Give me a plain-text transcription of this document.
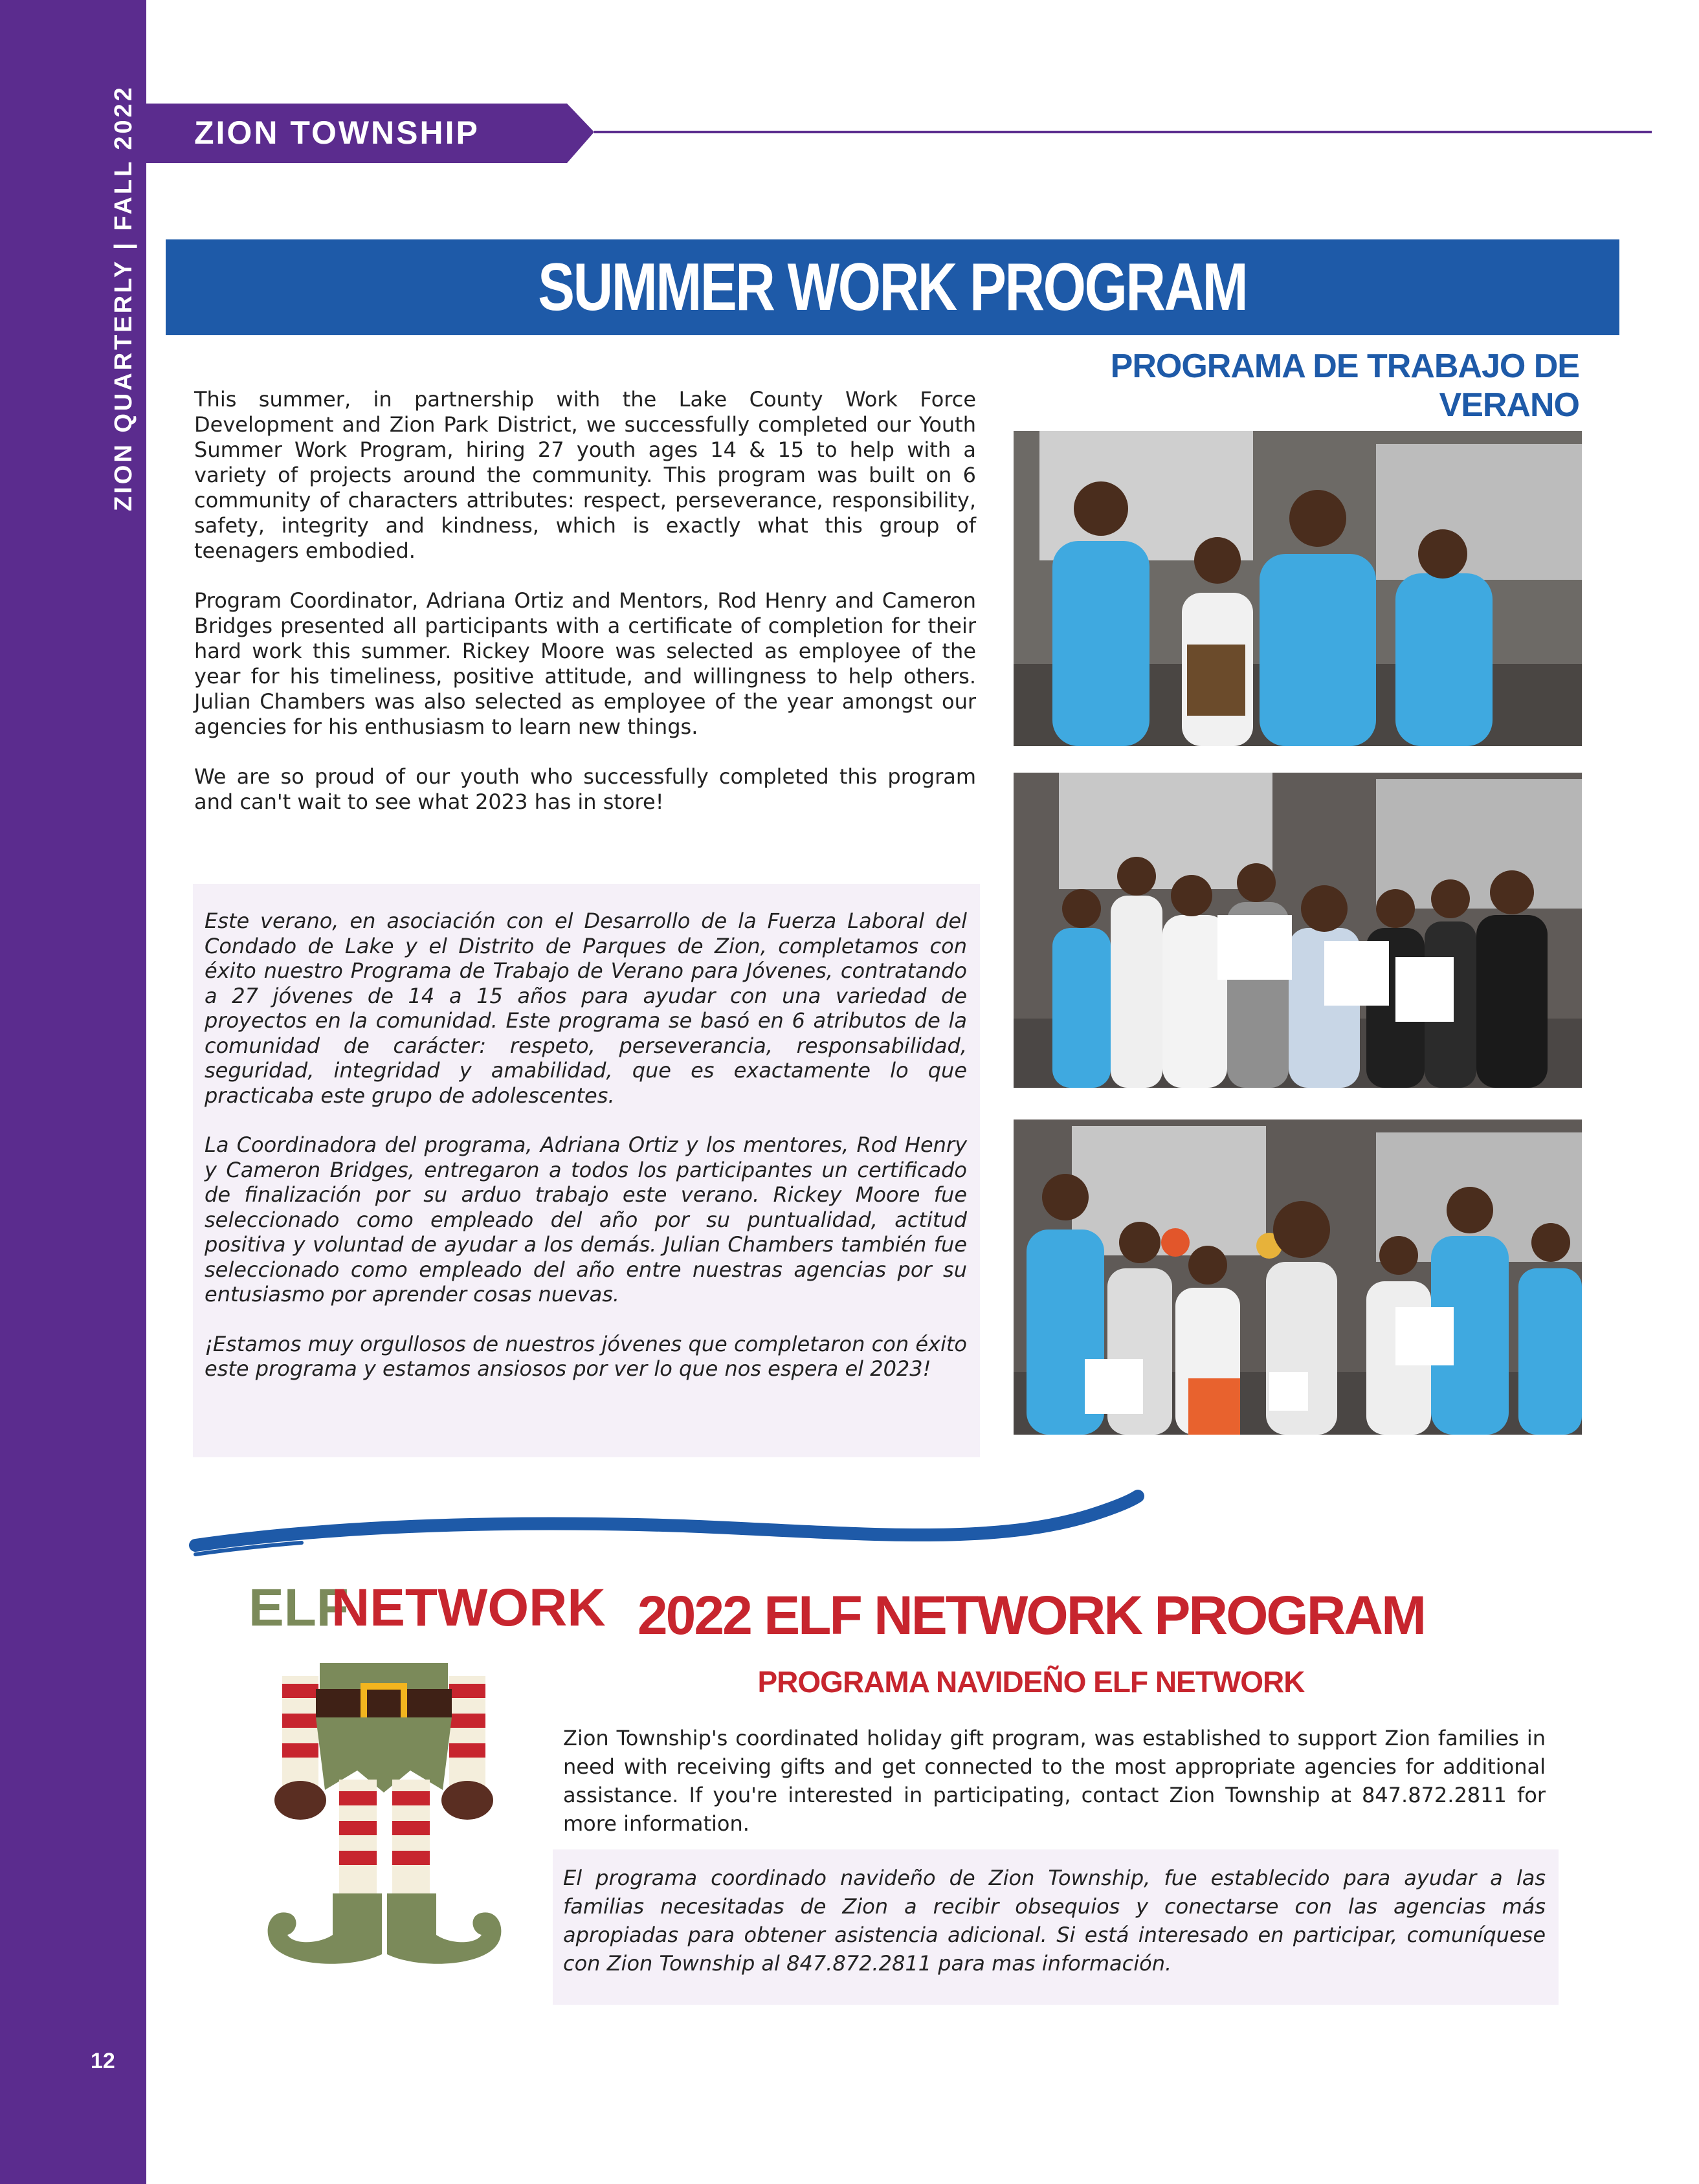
ZION QUARTERLY | FALL 2022
12
ZION TOWNSHIP
SUMMER WORK PROGRAM
PROGRAMA DE TRABAJO DE VERANO

This summer, in partnership with the Lake County Work Force Development and Zion Park District, we successfully completed our Youth Summer Work Program, hiring 27 youth ages 14 & 15 to help with a variety of projects around the community. This program was built on 6 community of characters attributes: respect, perseverance, responsibility, safety, integrity and kindness, which is exactly what this group of teenagers embodied.

Program Coordinator, Adriana Ortiz and Mentors, Rod Henry and Cameron Bridges presented all participants with a certificate of completion for their hard work this summer. Rickey Moore was selected as employee of the year for his timeliness, positive attitude, and willingness to help others. Julian Chambers was also selected as employee of the year amongst our agencies for his enthusiasm to learn new things.

We are so proud of our youth who successfully completed this program and can't wait to see what 2023 has in store!

Este verano, en asociación con el Desarrollo de la Fuerza Laboral del Condado de Lake y el Distrito de Parques de Zion, completamos con éxito nuestro Programa de Trabajo de Verano para Jóvenes, contratando a 27 jóvenes de 14 a 15 años para ayudar con una variedad de proyectos en la comunidad. Este programa se basó en 6 atributos de la comunidad de carácter: respeto, perseverancia, responsabilidad, seguridad, integridad y amabilidad, que es exactamente lo que practicaba este grupo de adolescentes.

La Coordinadora del programa, Adriana Ortiz y los mentores, Rod Henry y Cameron Bridges, entregaron a todos los participantes un certificado de finalización por su arduo trabajo este verano. Rickey Moore fue seleccionado como empleado del año por su puntualidad, actitud positiva y voluntad de ayudar a los demás. Julian Chambers también fue seleccionado como empleado del año entre nuestras agencias por su entusiasmo por aprender cosas nuevas.

¡Estamos muy orgullosos de nuestros jóvenes que completaron con éxito este programa y estamos ansiosos por ver lo que nos espera el 2023!

ELF
NETWORK 2022 ELF NETWORK PROGRAM
PROGRAMA NAVIDEÑO ELF NETWORK
Zion Township's coordinated holiday gift program, was established to support Zion families in need with receiving gifts and get connected to the most appropriate agencies for additional assistance. If you're interested in participating, contact Zion Township at 847.872.2811 for more information.
El programa coordinado navideño de Zion Township, fue establecido para ayudar a las familias necesitadas de Zion a recibir obsequios y conectarse con las agencias más apropiadas para obtener asistencia adicional. Si está interesado en participar, comuníquese con Zion Township al 847.872.2811 para mas información.
